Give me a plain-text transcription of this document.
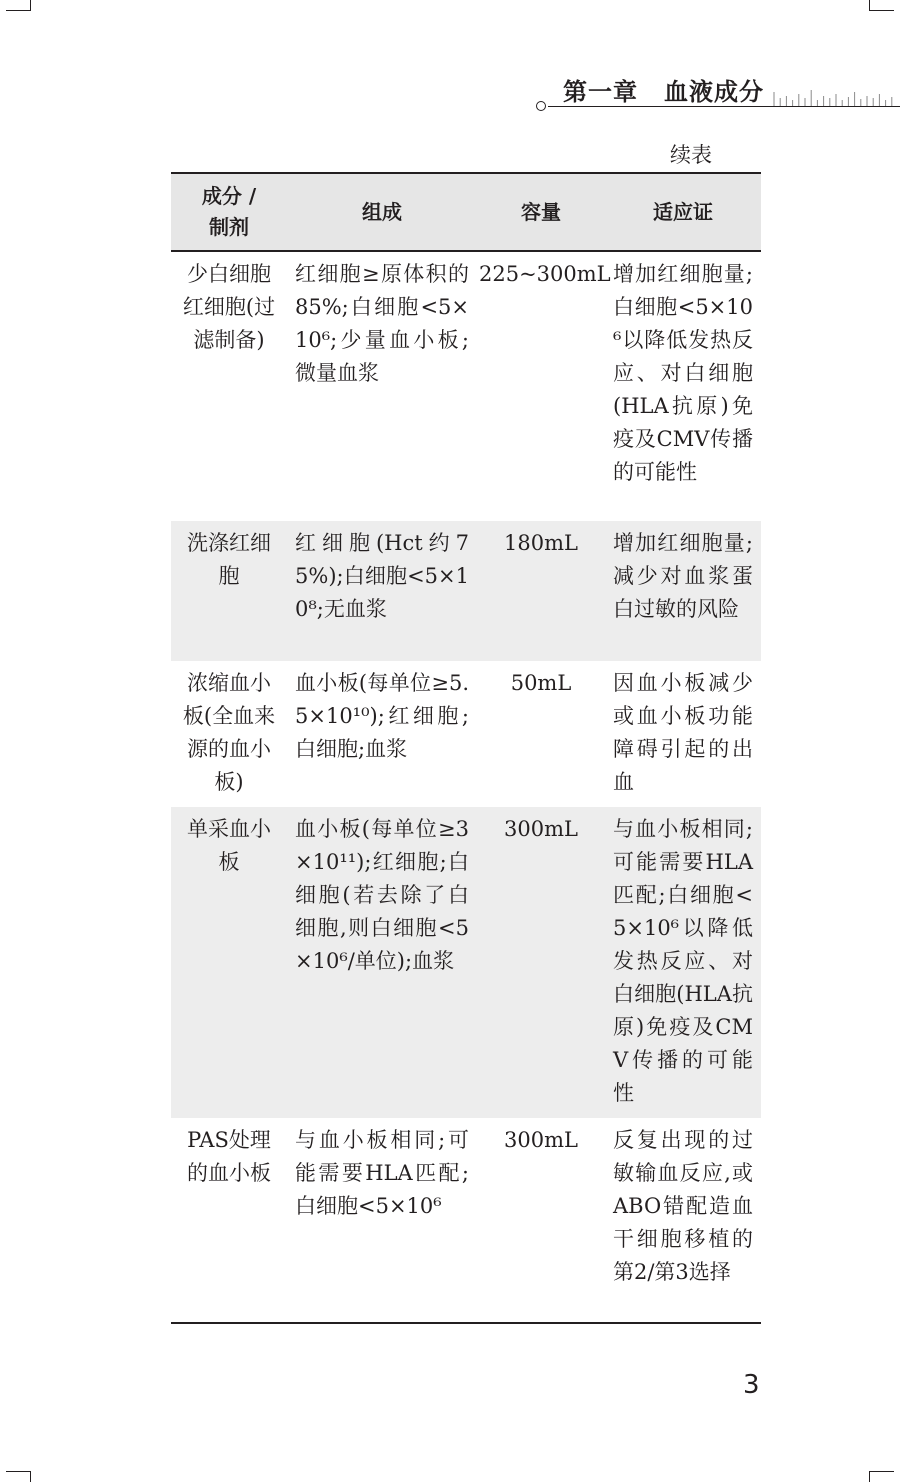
第一章 血液成分
续表
成分 /
制剂	组成	容量	适应证
少白细胞红细胞(过滤制备)	红细胞≥原体积的85%;白细胞<5×10⁶;少量血小板;微量血浆	225~300mL	增加红细胞量;白细胞<5×10⁶以降低发热反应、对白细胞(HLA抗原)免疫及CMV传播的可能性
洗涤红细胞	红细胞(Hct约75%);白细胞<5×10⁸;无血浆	180mL	增加红细胞量;减少对血浆蛋白过敏的风险
浓缩血小板(全血来源的血小板)	血小板(每单位≥5.5×10¹⁰);红细胞;白细胞;血浆	50mL	因血小板减少或血小板功能障碍引起的出血
单采血小板	血小板(每单位≥3×10¹¹);红细胞;白细胞(若去除了白细胞,则白细胞<5×10⁶/单位);血浆	300mL	与血小板相同;可能需要HLA匹配;白细胞<5×10⁶以降低发热反应、对白细胞(HLA抗原)免疫及CMV传播的可能性
PAS处理的血小板	与血小板相同;可能需要HLA匹配;白细胞<5×10⁶	300mL	反复出现的过敏输血反应,或ABO错配造血干细胞移植的第2/第3选择
3
